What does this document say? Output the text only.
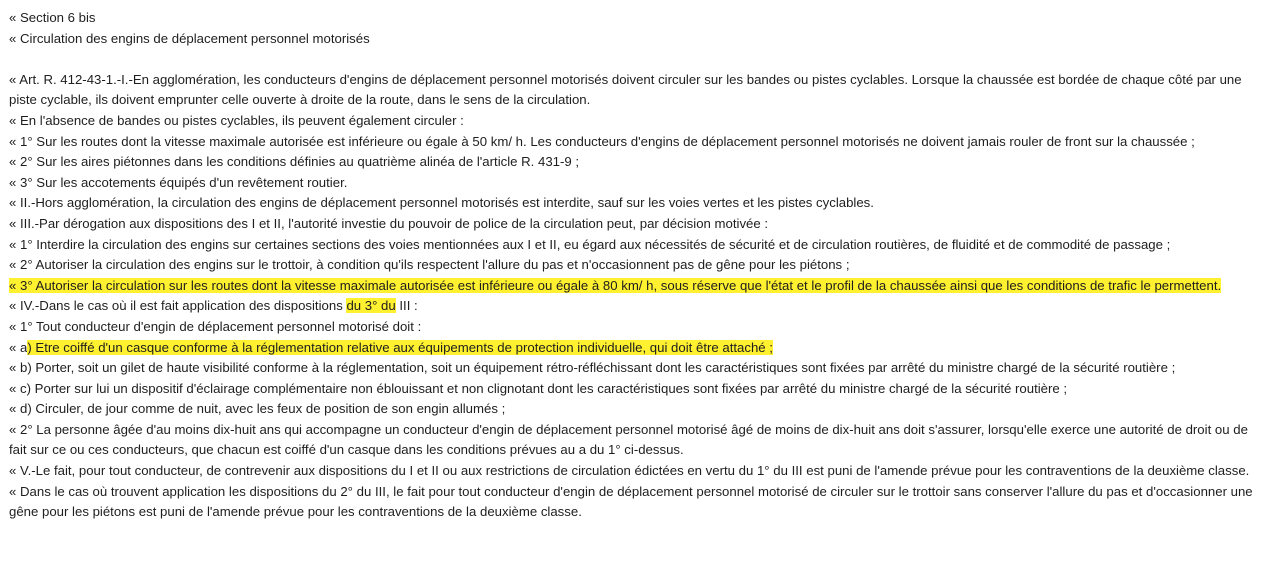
« Section 6 bis
« Circulation des engins de déplacement personnel motorisés
« Art. R. 412-43-1.-I.-En agglomération, les conducteurs d'engins de déplacement personnel motorisés doivent circuler sur les bandes ou pistes cyclables. Lorsque la chaussée est bordée de chaque côté par une piste cyclable, ils doivent emprunter celle ouverte à droite de la route, dans le sens de la circulation.
« En l'absence de bandes ou pistes cyclables, ils peuvent également circuler :
« 1° Sur les routes dont la vitesse maximale autorisée est inférieure ou égale à 50 km/ h. Les conducteurs d'engins de déplacement personnel motorisés ne doivent jamais rouler de front sur la chaussée ;
« 2° Sur les aires piétonnes dans les conditions définies au quatrième alinéa de l'article R. 431-9 ;
« 3° Sur les accotements équipés d'un revêtement routier.
« II.-Hors agglomération, la circulation des engins de déplacement personnel motorisés est interdite, sauf sur les voies vertes et les pistes cyclables.
« III.-Par dérogation aux dispositions des I et II, l'autorité investie du pouvoir de police de la circulation peut, par décision motivée :
« 1° Interdire la circulation des engins sur certaines sections des voies mentionnées aux I et II, eu égard aux nécessités de sécurité et de circulation routières, de fluidité et de commodité de passage ;
« 2° Autoriser la circulation des engins sur le trottoir, à condition qu'ils respectent l'allure du pas et n'occasionnent pas de gêne pour les piétons ;
« 3° Autoriser la circulation sur les routes dont la vitesse maximale autorisée est inférieure ou égale à 80 km/ h, sous réserve que l'état et le profil de la chaussée ainsi que les conditions de trafic le permettent.
« IV.-Dans le cas où il est fait application des dispositions du 3° du III :
« 1° Tout conducteur d'engin de déplacement personnel motorisé doit :
« a) Etre coiffé d'un casque conforme à la réglementation relative aux équipements de protection individuelle, qui doit être attaché ;
« b) Porter, soit un gilet de haute visibilité conforme à la réglementation, soit un équipement rétro-réfléchissant dont les caractéristiques sont fixées par arrêté du ministre chargé de la sécurité routière ;
« c) Porter sur lui un dispositif d'éclairage complémentaire non éblouissant et non clignotant dont les caractéristiques sont fixées par arrêté du ministre chargé de la sécurité routière ;
« d) Circuler, de jour comme de nuit, avec les feux de position de son engin allumés ;
« 2° La personne âgée d'au moins dix-huit ans qui accompagne un conducteur d'engin de déplacement personnel motorisé âgé de moins de dix-huit ans doit s'assurer, lorsqu'elle exerce une autorité de droit ou de fait sur ce ou ces conducteurs, que chacun est coiffé d'un casque dans les conditions prévues au a du 1° ci-dessus.
« V.-Le fait, pour tout conducteur, de contrevenir aux dispositions du I et II ou aux restrictions de circulation édictées en vertu du 1° du III est puni de l'amende prévue pour les contraventions de la deuxième classe.
« Dans le cas où trouvent application les dispositions du 2° du III, le fait pour tout conducteur d'engin de déplacement personnel motorisé de circuler sur le trottoir sans conserver l'allure du pas et d'occasionner une gêne pour les piétons est puni de l'amende prévue pour les contraventions de la deuxième classe.
